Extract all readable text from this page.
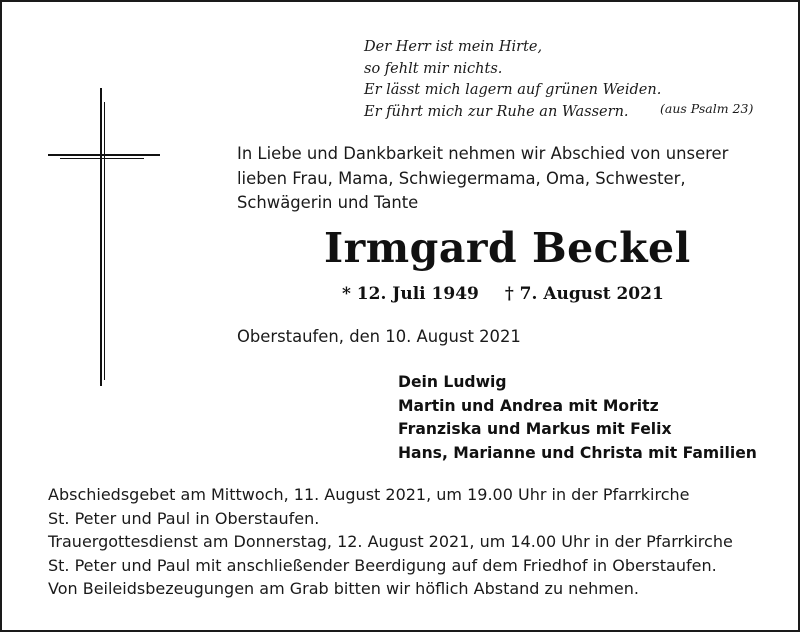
Der Herr ist mein Hirte,
so fehlt mir nichts.
Er lässt mich lagern auf grünen Weiden.
Er führt mich zur Ruhe an Wassern.	(aus Psalm 23)
In Liebe und Dankbarkeit nehmen wir Abschied von unserer
lieben Frau, Mama, Schwiegermama, Oma, Schwester,
Schwägerin und Tante
Irmgard Beckel
* 12. Juli 1949 † 7. August 2021
Oberstaufen, den 10. August 2021
Dein Ludwig
Martin und Andrea mit Moritz
Franziska und Markus mit Felix
Hans, Marianne und Christa mit Familien
Abschiedsgebet am Mittwoch, 11. August 2021, um 19.00 Uhr in der Pfarrkirche
St. Peter und Paul in Oberstaufen.
Trauergottesdienst am Donnerstag, 12. August 2021, um 14.00 Uhr in der Pfarrkirche
St. Peter und Paul mit anschließender Beerdigung auf dem Friedhof in Oberstaufen.
Von Beileidsbezeugungen am Grab bitten wir höflich Abstand zu nehmen.
